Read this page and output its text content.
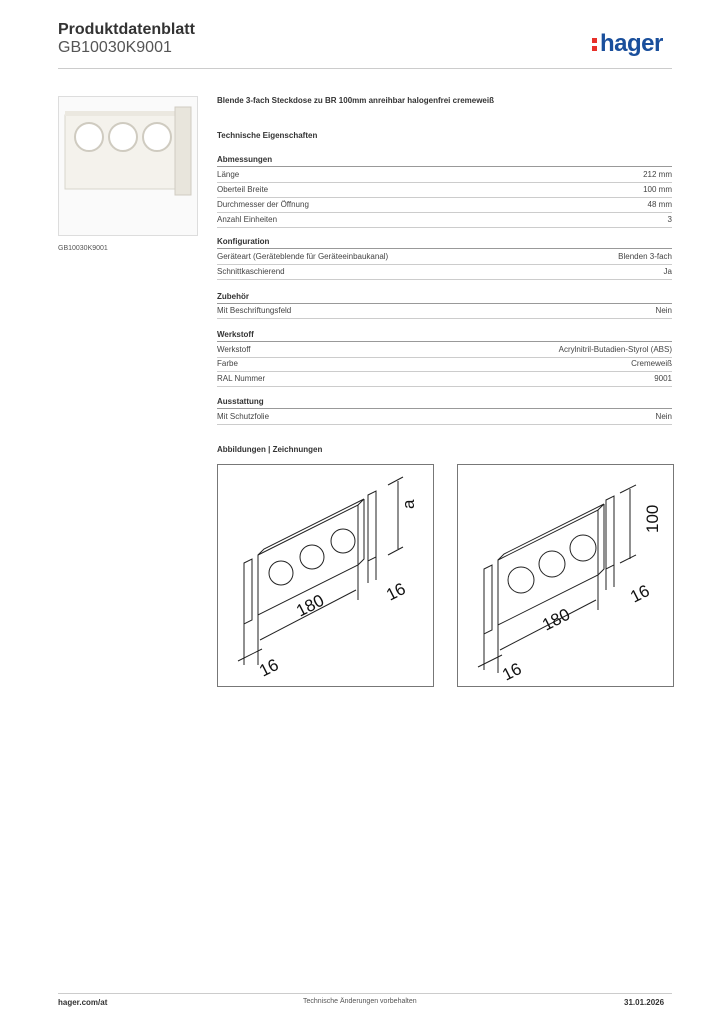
Produktdatenblatt
GB10030K9001	hager
GB10030K9001
Blende 3-fach Steckdose zu BR 100mm anreihbar halogenfrei cremeweiß
Technische Eigenschaften
Abmessungen
Länge	212 mm
Oberteil Breite	100 mm
Durchmesser der Öffnung	48 mm
Anzahl Einheiten	3
Konfiguration
Geräteart (Geräteblende für Geräteeinbaukanal)	Blenden 3-fach
Schnittkaschierend	Ja
Zubehör
Mit Beschriftungsfeld	Nein
Werkstoff
Werkstoff	Acrylnitril-Butadien-Styrol (ABS)
Farbe	Cremeweiß
RAL Nummer	9001
Ausstattung
Mit Schutzfolie	Nein
Abbildungen | Zeichnungen
180
16
16
a
180
16
16
100
hager.com/at	Technische Änderungen vorbehalten	31.01.2026
